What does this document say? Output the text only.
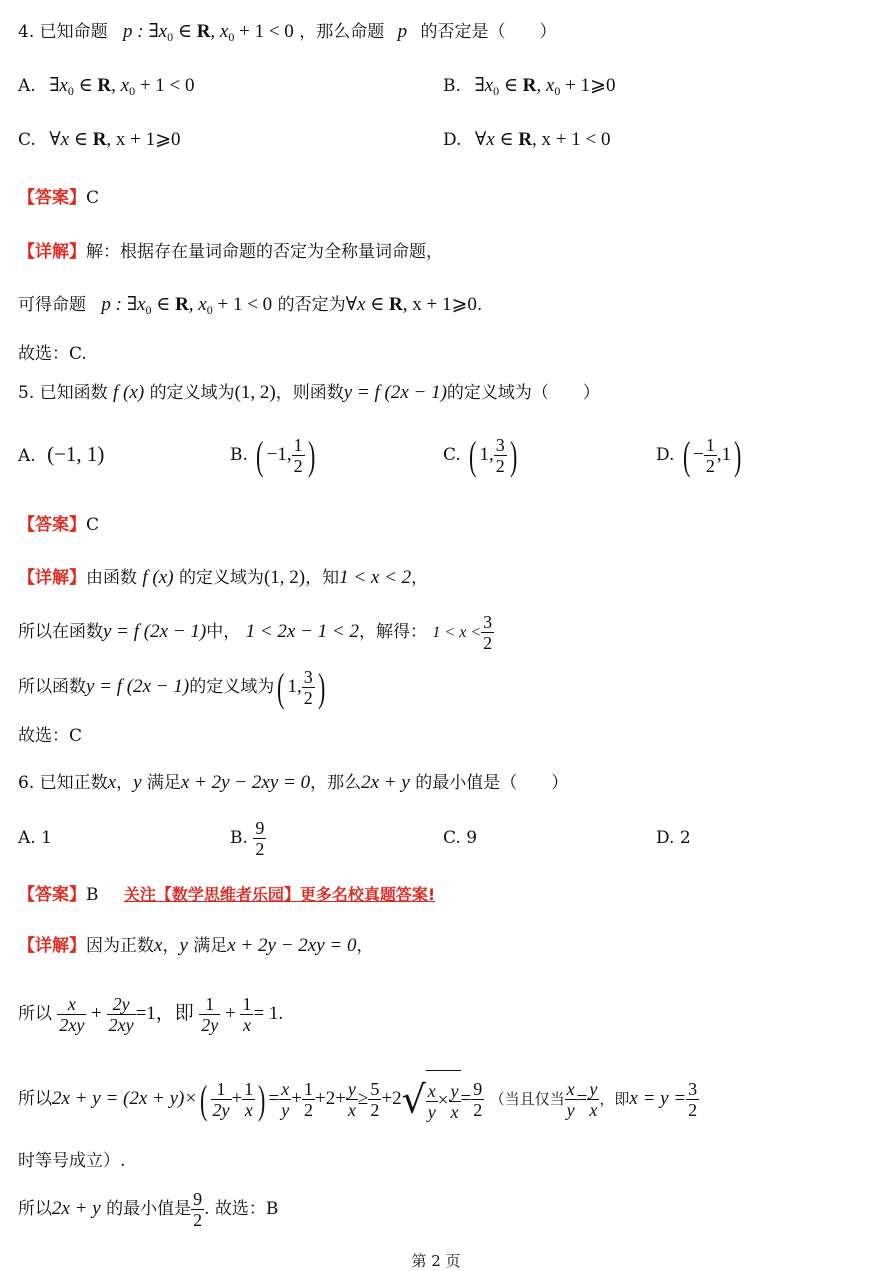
4. 已知命题 p : $\exists x_0$ ∈ R, $x_0 + 1 < 0$ ，那么命题 p 的否定是（　　）
A. $\exists x_0$ ∈ R, $x_0 + 1 < 0$	B. $\exists x_0$ ∈ R, $x_0$ + 1⩾0
C. ∀x ∈ R, x + 1⩾0	D. ∀x ∈ R, x + 1 < 0
【答案】C
【详解】解：根据存在量词命题的否定为全称量词命题，
可得命题 p : $\exists x_0$ ∈ R, $x_0 + 1 < 0$ 的否定为∀x ∈ R, x + 1⩾0.
故选：C.
5. 已知函数 f (x) 的定义域为(1, 2)，则函数y = f (2x − 1)的定义域为（　　）
A. (−1, 1)	B. ( −1, $\frac{1}{2}$ )	C. ( 1, $\frac{3}{2}$ )	D. ( − $\frac{1}{2} ,1$)
【答案】C
【详解】由函数 f (x) 的定义域为(1, 2)，知1 < x < 2，
所以在函数y = f (2x − 1)中， 1 < 2x − 1 < 2，解得： $1 < x < \frac{3}{2}$
所以函数y = f (2x − 1)的定义域为( 1, $\frac{3}{2}$ )
故选：C
6. 已知正数x，y 满足x + 2y − 2xy = 0，那么2x + y 的最小值是（　　）
A. 1	B. $\frac{9}{2}$	C. 9	D. 2
【答案】B 关注【数学思维者乐园】更多名校真题答案!
【详解】因为正数x，y 满足x + 2y − 2xy = 0，
所以 $\frac{x}{2xy} + \frac{2y}{2xy} =1$，即 $\frac{1}{2y} + \frac{1}{x} = 1$.
所以$2x + y = (2x + y)\times( \frac{1}{2y} + \frac{1}{x}$ ) = $\frac{x}{y} + \frac{1}{2} +2+ \frac{y}{x} \ge \frac{5}{2} +2√ \frac{x}{y} \times \frac{y}{x} = \frac{9}{2}$ （当且仅当 $\frac{x}{y} = \frac{y}{x}$ ，即$x = y = \frac{3}{2}$
时等号成立）.
所以2x + y 的最小值是 $\frac{9}{2}$ . 故选：B
第 2 页
